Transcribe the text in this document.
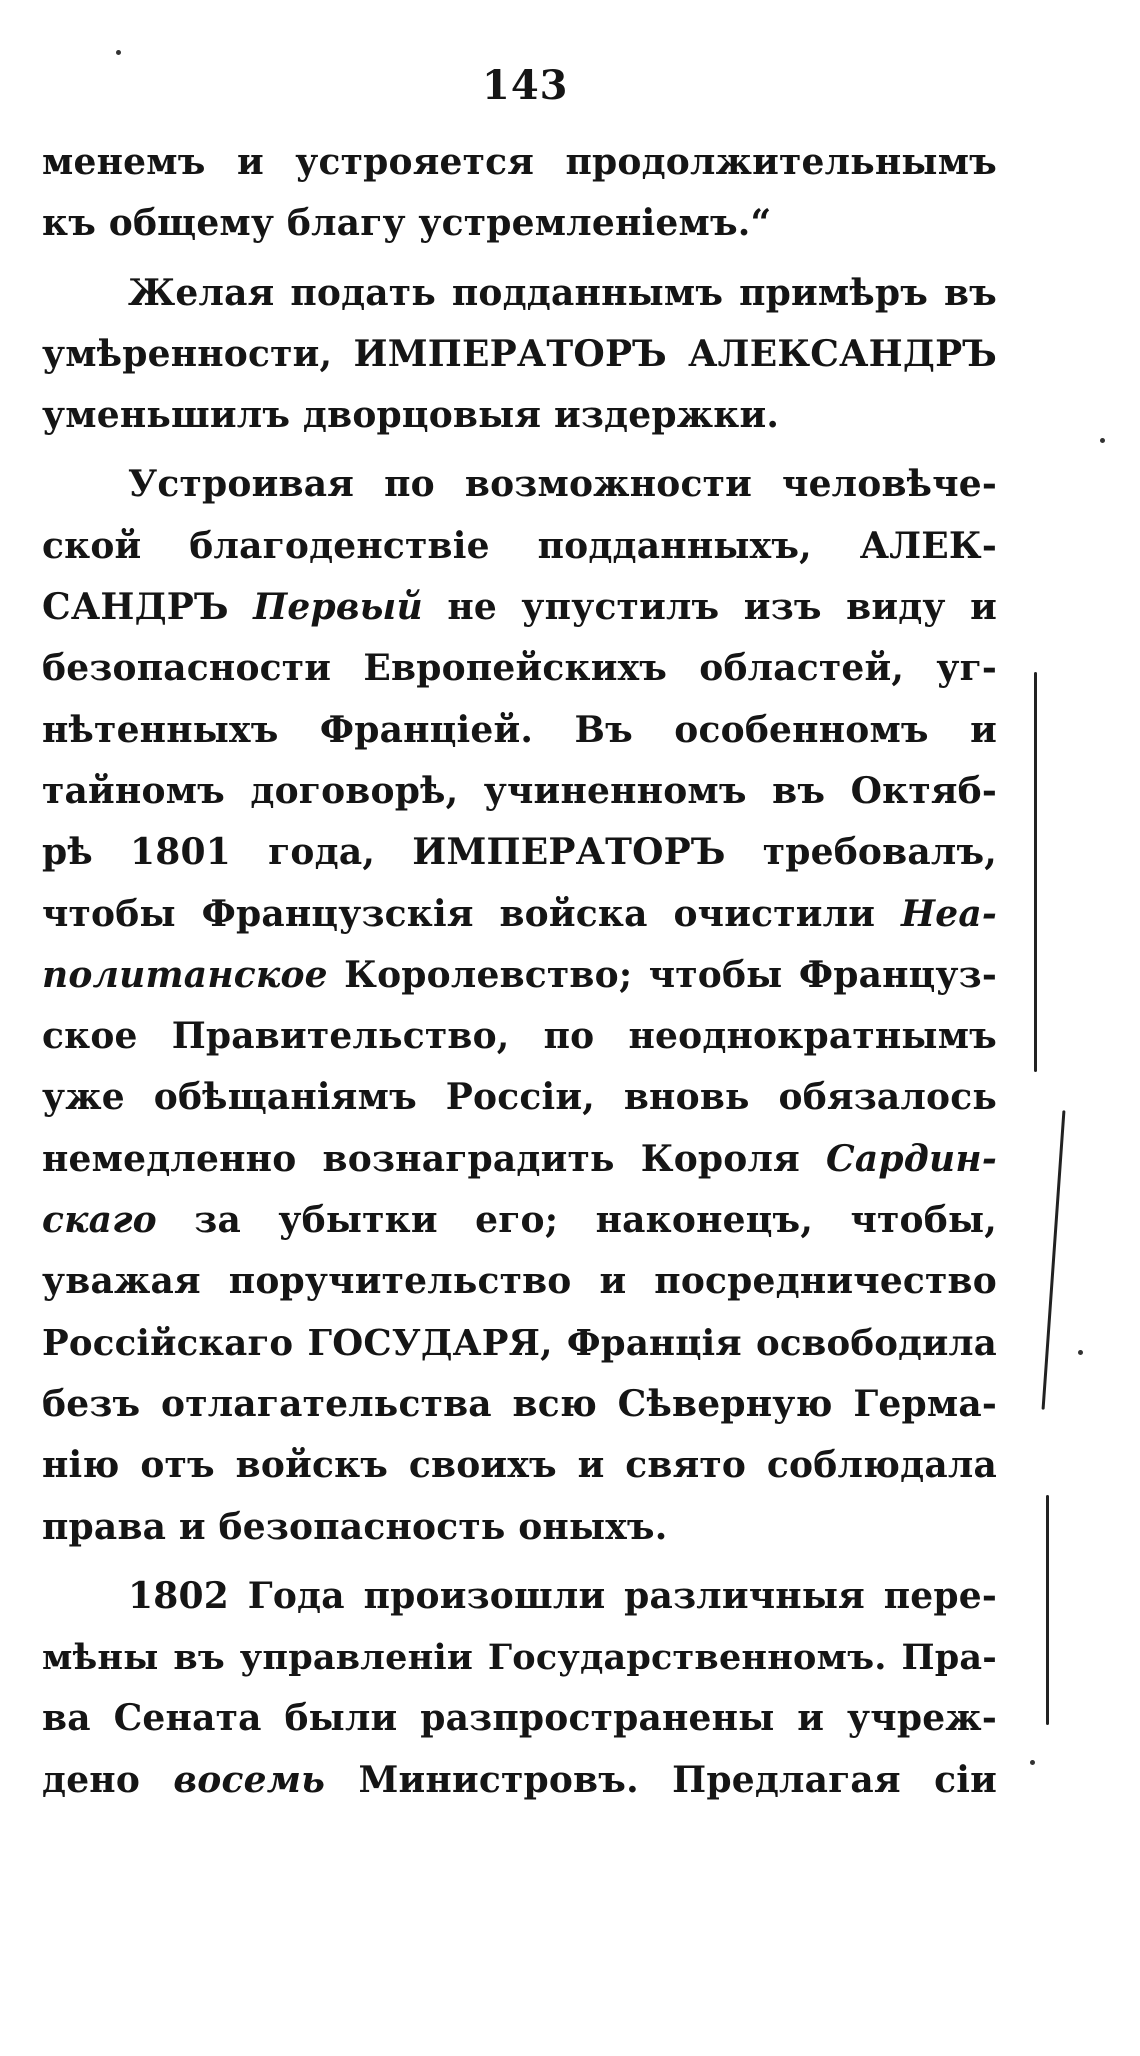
143
менемъ и устрояется продолжительнымъ
къ общему благу устремленіемъ.“
Желая подать подданнымъ примѣръ въ
умѣренности, ИМПЕРАТОРЪ АЛЕКСАНДРЪ
уменьшилъ дворцовыя издержки.
Устроивая по возможности человѣче-
ской благоденствіе подданныхъ, АЛЕК-
САНДРЪ Первый не упустилъ изъ виду и
безопасности Европейскихъ областей, уг-
нѣтенныхъ Франціей. Въ особенномъ и
тайномъ договорѣ, учиненномъ въ Октяб-
рѣ 1801 года, ИМПЕРАТОРЪ требовалъ,
чтобы Французскія войска очистили Неа-
политанское Королевство; чтобы Француз-
ское Правительство, по неоднократнымъ
уже обѣщаніямъ Россіи, вновь обязалось
немедленно вознаградить Короля Сардин-
скаго за убытки его; наконецъ, чтобы,
уважая поручительство и посредничество
Россійскаго ГОСУДАРЯ, Франція освободила
безъ отлагательства всю Сѣверную Герма-
нію отъ войскъ своихъ и свято соблюдала
права и безопасность оныхъ.
1802 Года произошли различныя пере-
мѣны въ управленіи Государственномъ. Пра-
ва Сената были разпространены и учреж-
дено восемь Министровъ. Предлагая сіи
